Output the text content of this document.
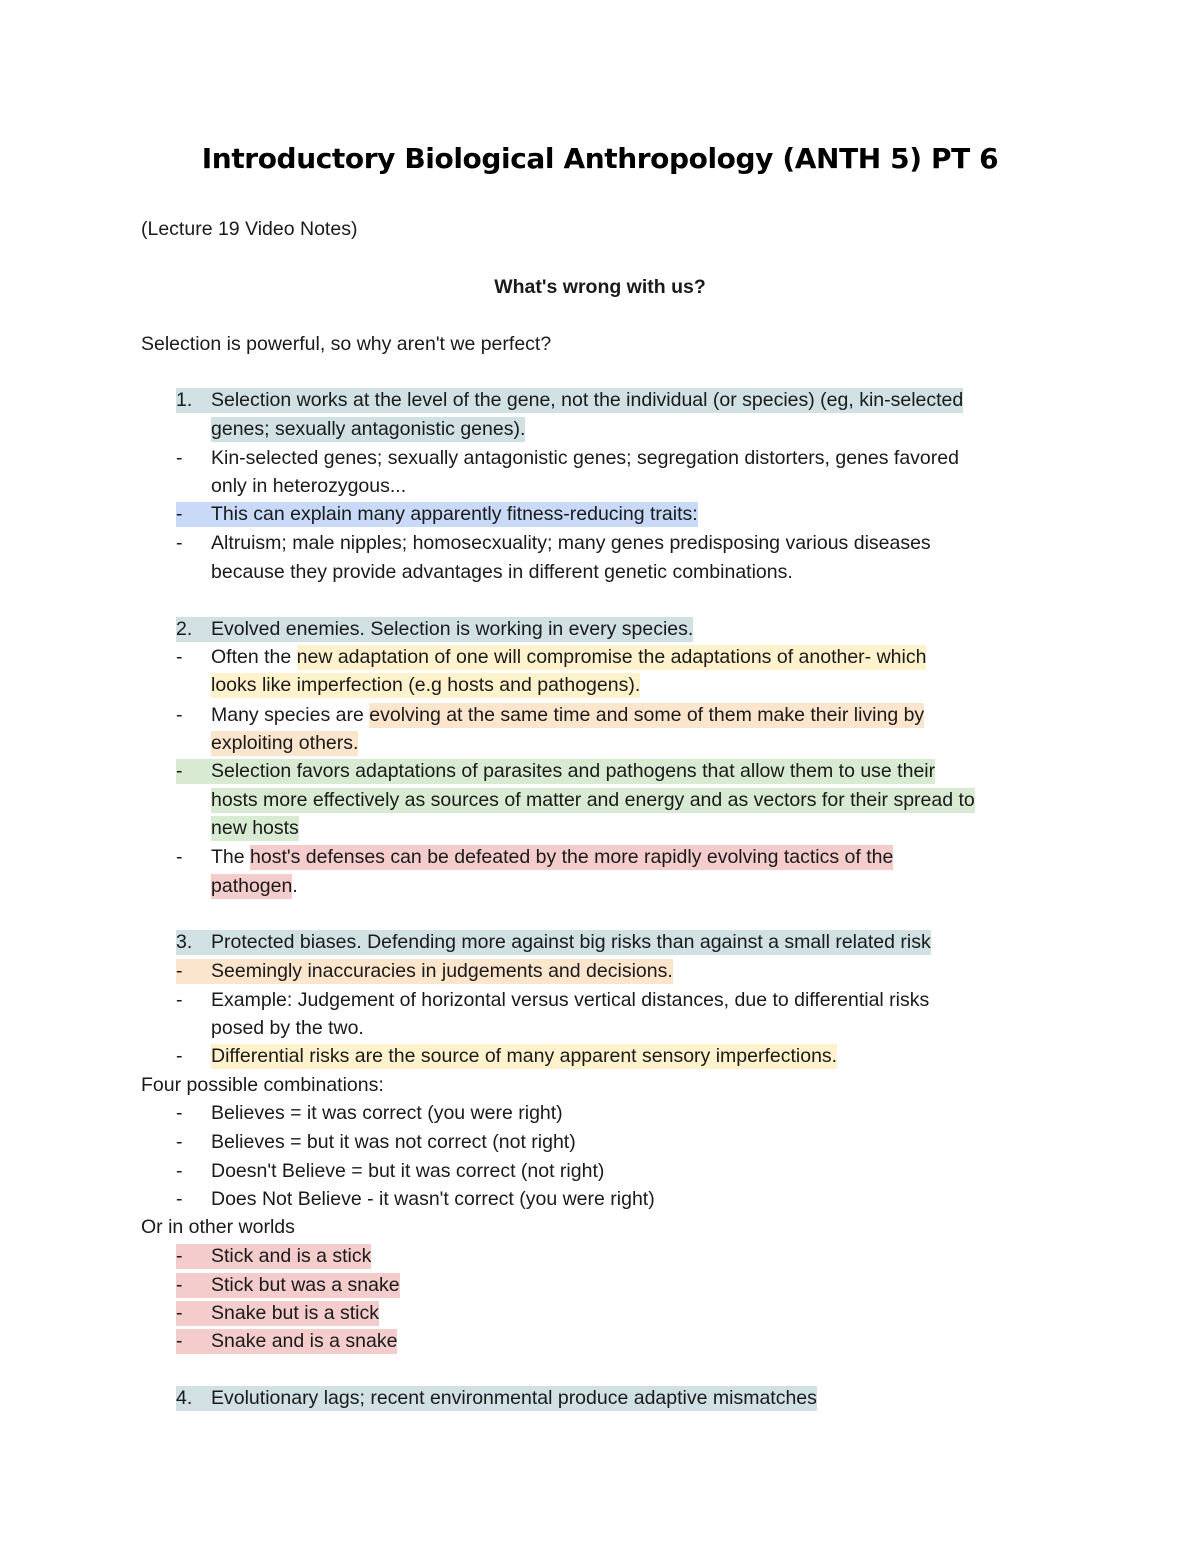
Introductory Biological Anthropology (ANTH 5) PT 6
(Lecture 19 Video Notes)
What's wrong with us?
Selection is powerful, so why aren't we perfect?
1. Selection works at the level of the gene, not the individual (or species) (eg, kin-selected
genes; sexually antagonistic genes).
- Kin-selected genes; sexually antagonistic genes; segregation distorters, genes favored
only in heterozygous...
-	This can explain many apparently fitness-reducing traits:
- Altruism; male nipples; homosecxuality; many genes predisposing various diseases
because they provide advantages in different genetic combinations.
2. Evolved enemies. Selection is working in every species.
- Often the new adaptation of one will compromise the adaptations of another- which
looks like imperfection (e.g hosts and pathogens).
- Many species are evolving at the same time and some of them make their living by
exploiting others.
-	Selection favors adaptations of parasites and pathogens that allow them to use their
hosts more effectively as sources of matter and energy and as vectors for their spread to
new hosts
- The host's defenses can be defeated by the more rapidly evolving tactics of the
pathogen.
3. Protected biases. Defending more against big risks than against a small related risk
-	Seemingly inaccuracies in judgements and decisions.
- Example: Judgement of horizontal versus vertical distances, due to differential risks
posed by the two.
- Differential risks are the source of many apparent sensory imperfections.
Four possible combinations:
- Believes = it was correct (you were right)
- Believes = but it was not correct (not right)
- Doesn't Believe = but it was correct (not right)
- Does Not Believe - it wasn't correct (you were right)
Or in other worlds
-	Stick and is a stick
-	Stick but was a snake
-	Snake but is a stick
-	Snake and is a snake
4. Evolutionary lags; recent environmental produce adaptive mismatches
